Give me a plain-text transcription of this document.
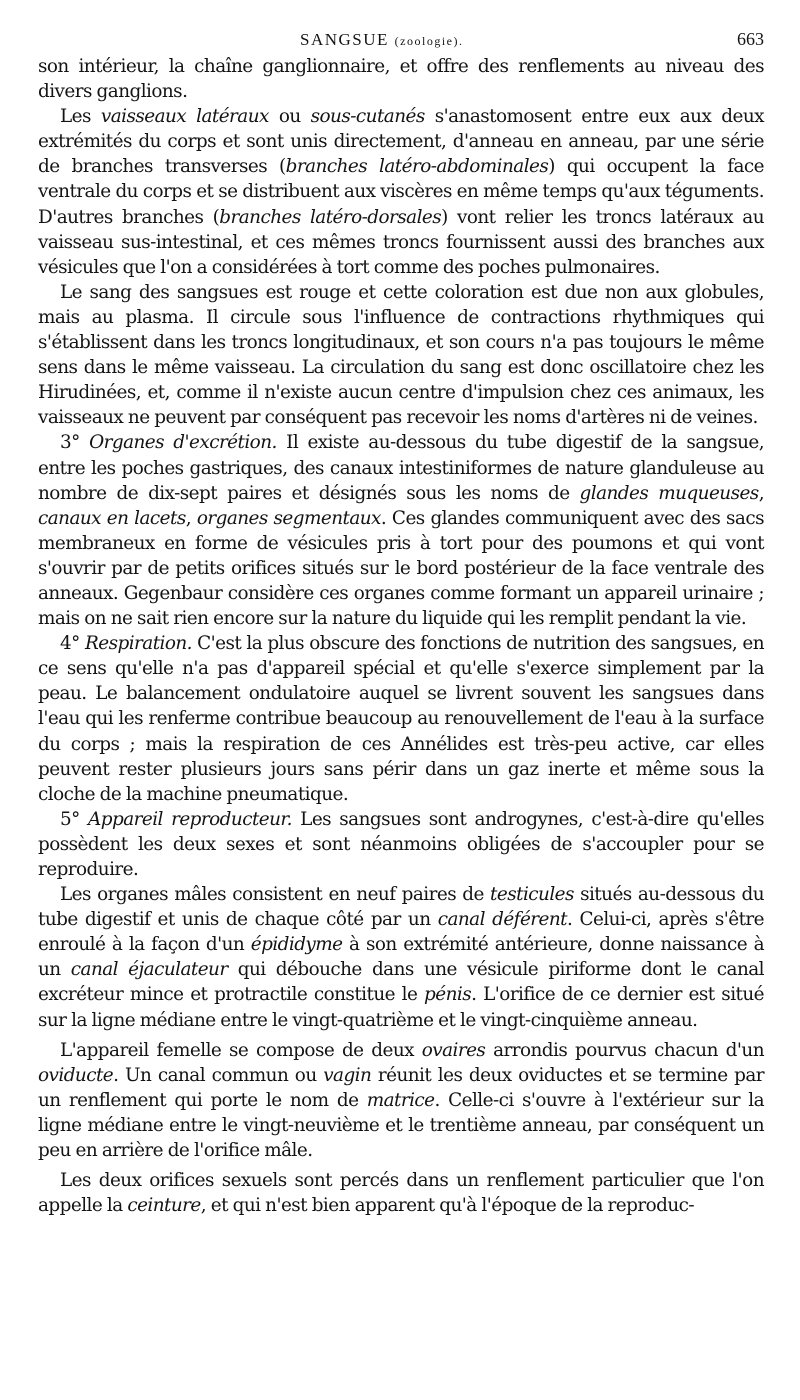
SANGSUE (zoologie).	663

son intérieur, la chaîne ganglionnaire, et offre des renflements au niveau des divers ganglions.

Les vaisseaux latéraux ou sous-cutanés s'anastomosent entre eux aux deux extrémités du corps et sont unis directement, d'anneau en anneau, par une série de branches transverses (branches latéro-abdominales) qui occupent la face ventrale du corps et se distribuent aux viscères en même temps qu'aux téguments. D'autres branches (branches latéro-dorsales) vont relier les troncs latéraux au vaisseau sus-intestinal, et ces mêmes troncs fournissent aussi des branches aux vésicules que l'on a considérées à tort comme des poches pulmonaires.

Le sang des sangsues est rouge et cette coloration est due non aux globules, mais au plasma. Il circule sous l'influence de contractions rhythmiques qui s'établissent dans les troncs longitudinaux, et son cours n'a pas toujours le même sens dans le même vaisseau. La circulation du sang est donc oscillatoire chez les Hirudinées, et, comme il n'existe aucun centre d'impulsion chez ces animaux, les vaisseaux ne peuvent par conséquent pas recevoir les noms d'artères ni de veines.

3° Organes d'excrétion. Il existe au-dessous du tube digestif de la sangsue, entre les poches gastriques, des canaux intestiniformes de nature glanduleuse au nombre de dix-sept paires et désignés sous les noms de glandes muqueuses, canaux en lacets, organes segmentaux. Ces glandes communiquent avec des sacs membraneux en forme de vésicules pris à tort pour des poumons et qui vont s'ouvrir par de petits orifices situés sur le bord postérieur de la face ventrale des anneaux. Gegenbaur considère ces organes comme formant un appareil urinaire ; mais on ne sait rien encore sur la nature du liquide qui les remplit pendant la vie.

4° Respiration. C'est la plus obscure des fonctions de nutrition des sangsues, en ce sens qu'elle n'a pas d'appareil spécial et qu'elle s'exerce simplement par la peau. Le balancement ondulatoire auquel se livrent souvent les sangsues dans l'eau qui les renferme contribue beaucoup au renouvellement de l'eau à la surface du corps ; mais la respiration de ces Annélides est très-peu active, car elles peuvent rester plusieurs jours sans périr dans un gaz inerte et même sous la cloche de la machine pneumatique.

5° Appareil reproducteur. Les sangsues sont androgynes, c'est-à-dire qu'elles possèdent les deux sexes et sont néanmoins obligées de s'accoupler pour se reproduire.

Les organes mâles consistent en neuf paires de testicules situés au-dessous du tube digestif et unis de chaque côté par un canal déférent. Celui-ci, après s'être enroulé à la façon d'un épididyme à son extrémité antérieure, donne naissance à un canal éjaculateur qui débouche dans une vésicule piriforme dont le canal excréteur mince et protractile constitue le pénis. L'orifice de ce dernier est situé sur la ligne médiane entre le vingt-quatrième et le vingt-cinquième anneau.

L'appareil femelle se compose de deux ovaires arrondis pourvus chacun d'un oviducte. Un canal commun ou vagin réunit les deux oviductes et se termine par un renflement qui porte le nom de matrice. Celle-ci s'ouvre à l'extérieur sur la ligne médiane entre le vingt-neuvième et le trentième anneau, par conséquent un peu en arrière de l'orifice mâle.

Les deux orifices sexuels sont percés dans un renflement particulier que l'on appelle la ceinture, et qui n'est bien apparent qu'à l'époque de la reproduc-
